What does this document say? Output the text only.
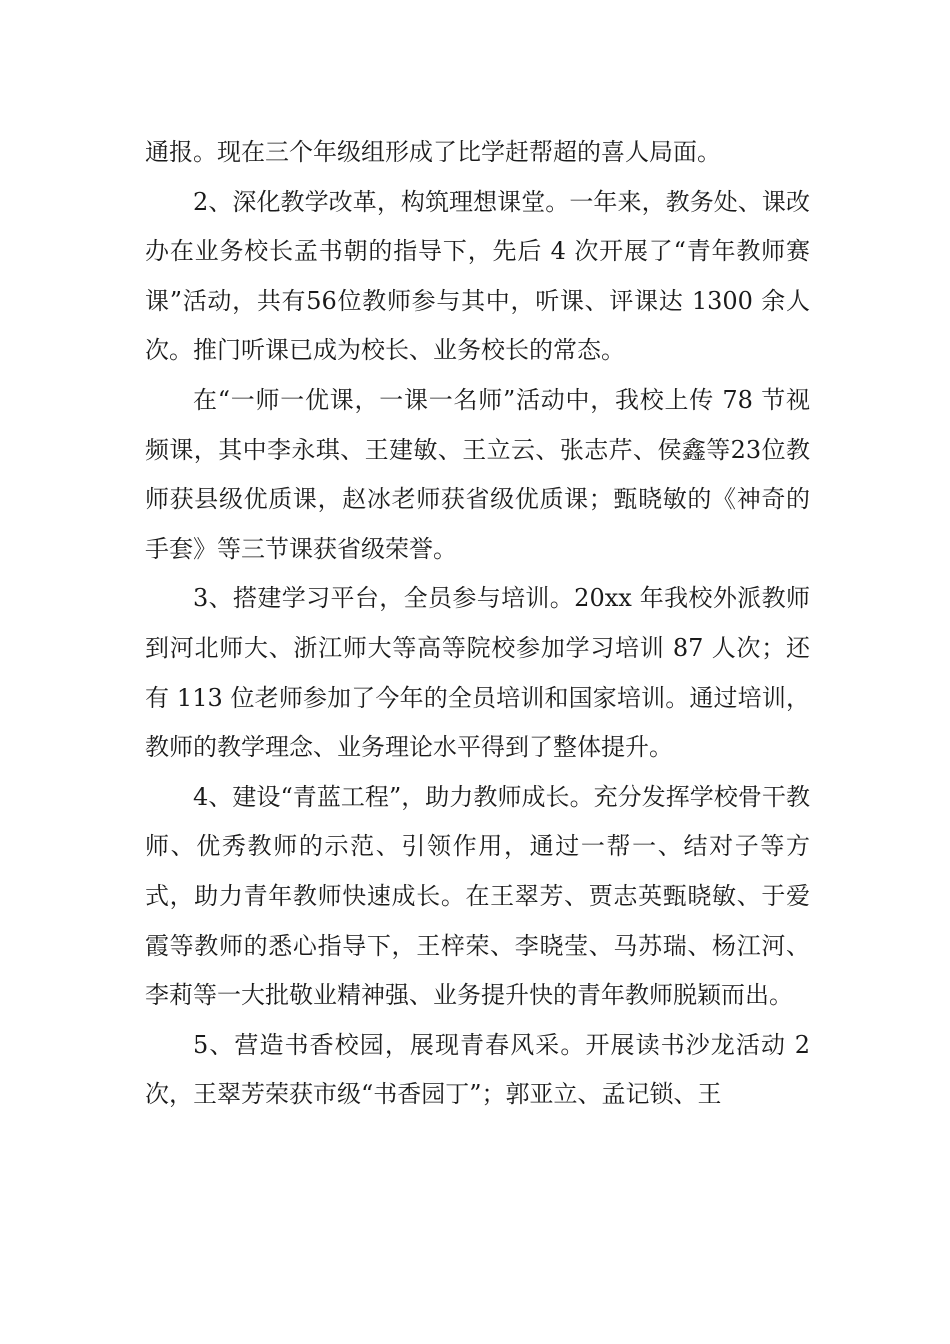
通报。现在三个年级组形成了比学赶帮超的喜人局面。

2、深化教学改革，构筑理想课堂。一年来，教务处、课改办在业务校长孟书朝的指导下，先后 4 次开展了“青年教师赛课”活动，共有56位教师参与其中，听课、评课达 1300 余人次。推门听课已成为校长、业务校长的常态。

在“一师一优课，一课一名师”活动中，我校上传 78 节视频课，其中李永琪、王建敏、王立云、张志芹、侯鑫等23位教师获县级优质课，赵冰老师获省级优质课；甄晓敏的《神奇的手套》等三节课获省级荣誉。

3、搭建学习平台，全员参与培训。20xx 年我校外派教师到河北师大、浙江师大等高等院校参加学习培训 87 人次；还有 113 位老师参加了今年的全员培训和国家培训。通过培训，教师的教学理念、业务理论水平得到了整体提升。

4、建设“青蓝工程”，助力教师成长。充分发挥学校骨干教师、优秀教师的示范、引领作用，通过一帮一、结对子等方式，助力青年教师快速成长。在王翠芳、贾志英甄晓敏、于爱霞等教师的悉心指导下，王梓荣、李晓莹、马苏瑞、杨江河、李莉等一大批敬业精神强、业务提升快的青年教师脱颖而出。

5、营造书香校园，展现青春风采。开展读书沙龙活动 2 次，王翠芳荣获市级“书香园丁”；郭亚立、孟记锁、王
